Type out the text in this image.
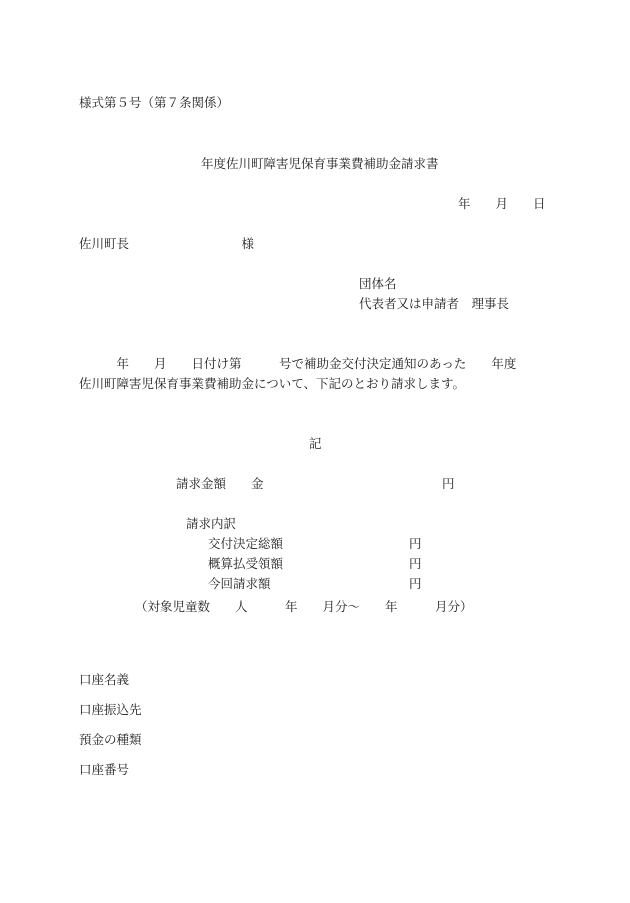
様式第５号（第７条関係）
年度佐川町障害児保育事業費補助金請求書
年　　月　　日
佐川町長　　　　　　　　　様
団体名
代表者又は申請者　理事長
　年　　月　　日付け第　　　号で補助金交付決定通知のあった　　年度
佐川町障害児保育事業費補助金について、下記のとおり請求します。
記
請求金額　　金	円
請求内訳
交付決定総額	円
概算払受領額	円
今回請求額	円
（対象児童数　　人　　　年　　月分～　　年　　　月分）
口座名義
口座振込先
預金の種類
口座番号
